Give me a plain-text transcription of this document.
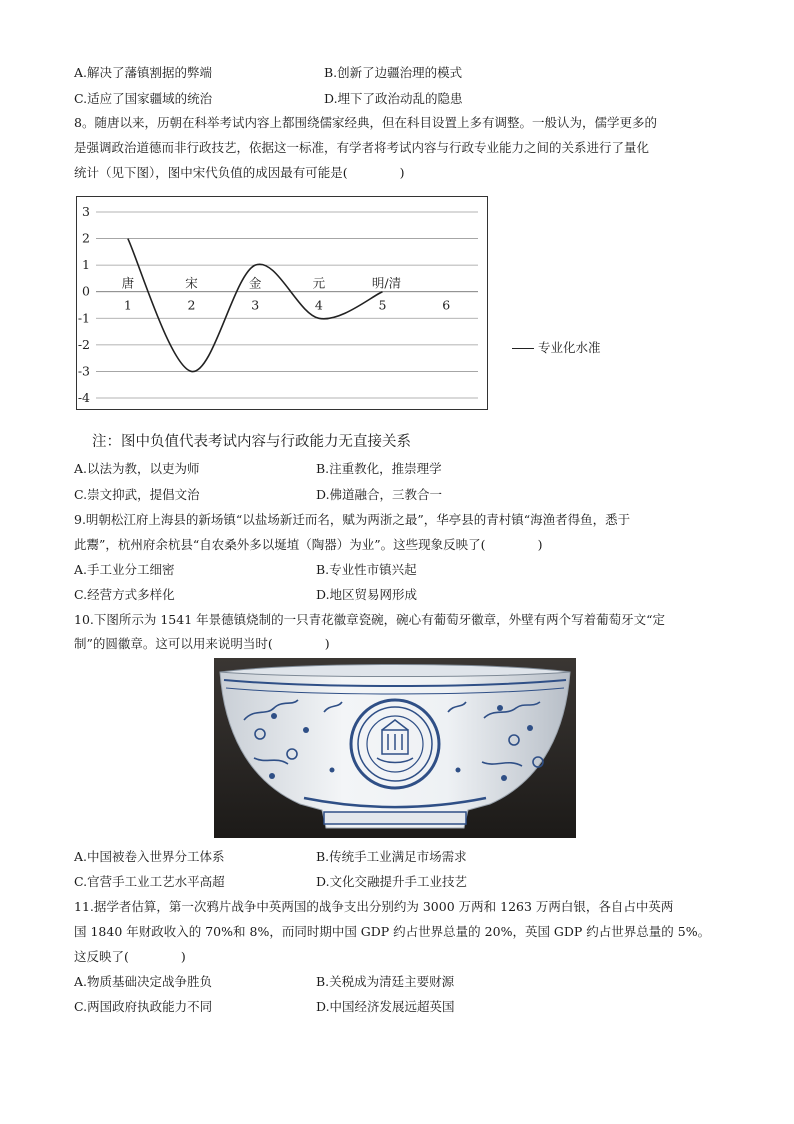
A.解决了藩镇割据的弊端	B.创新了边疆治理的模式
C.适应了国家疆域的统治	D.埋下了政治动乱的隐患
8。随唐以来，历朝在科举考试内容上都围绕儒家经典，但在科目设置上多有调整。一般认为，儒学更多的
是强调政治道德而非行政技艺，依据这一标准，有学者将考试内容与行政专业能力之间的关系进行了量化
统计（见下图），图中宋代负值的成因最有可能是(	)
3
2
1
0
-1
-2
-3
-4
1	2	3	4	5	6
唐	宋	金	元	明/清
专业化水准
注：图中负值代表考试内容与行政能力无直接关系
A.以法为教，以吏为师	B.注重教化，推崇理学
C.崇文抑武，提倡文治	D.佛道融合，三教合一
9.明朝松江府上海县的新场镇“以盐场新迁而名，赋为两浙之最”，华亭县的青村镇“海渔者得鱼，悉于
此鬻”，杭州府余杭县“自农桑外多以埏埴（陶器）为业”。这些现象反映了(	)
A.手工业分工细密	B.专业性市镇兴起
C.经营方式多样化	D.地区贸易网形成
10.下图所示为 1541 年景德镇烧制的一只青花徽章瓷碗，碗心有葡萄牙徽章，外壁有两个写着葡萄牙文“定
制”的圆徽章。这可以用来说明当时(	)
A.中国被卷入世界分工体系	B.传统手工业满足市场需求
C.官营手工业工艺水平高超	D.文化交融提升手工业技艺
11.据学者估算，第一次鸦片战争中英两国的战争支出分别约为 3000 万两和 1263 万两白银，各自占中英两
国 1840 年财政收入的 70%和 8%，而同时期中国 GDP 约占世界总量的 20%，英国 GDP 约占世界总量的 5%。
这反映了(	)
A.物质基础决定战争胜负	B.关税成为清廷主要财源
C.两国政府执政能力不同	D.中国经济发展远超英国
